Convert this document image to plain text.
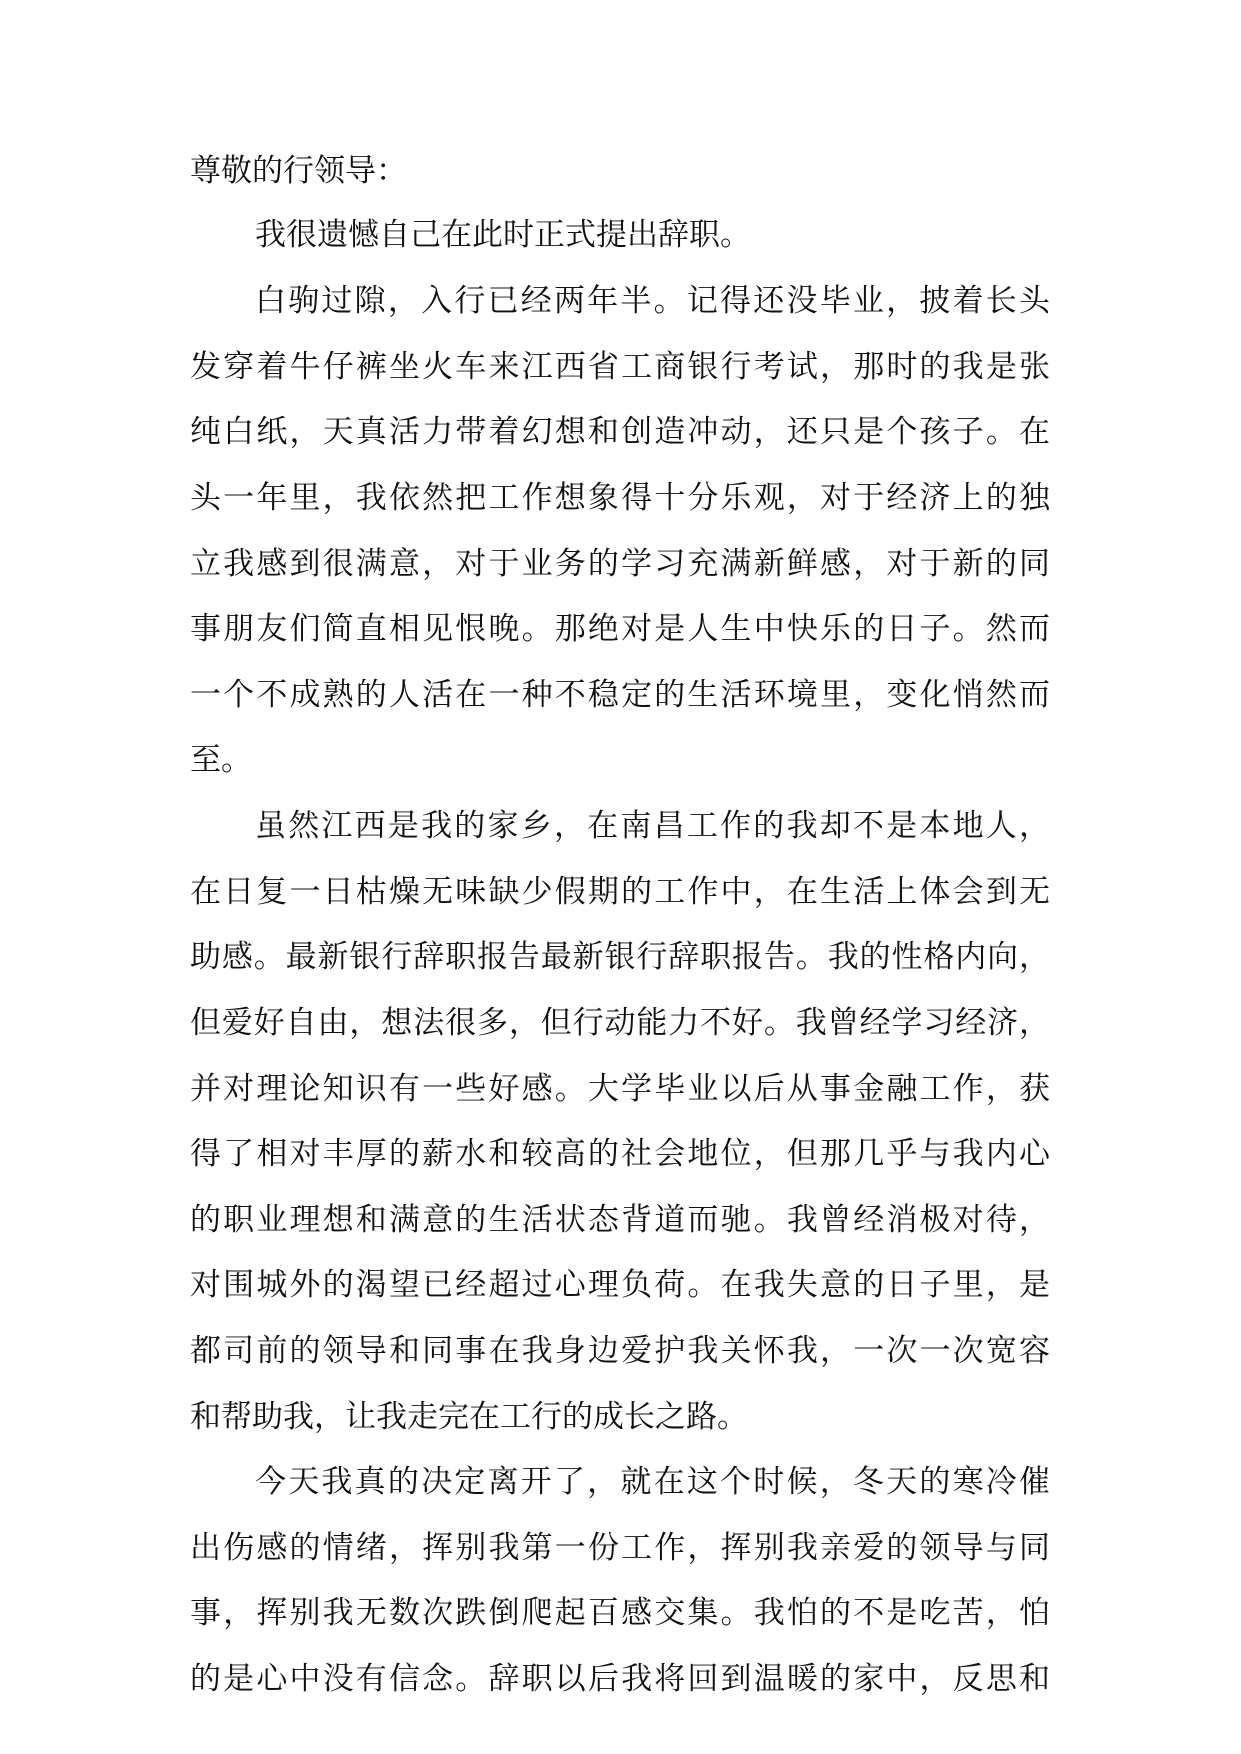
尊敬的行领导：

我很遗憾自己在此时正式提出辞职。

白驹过隙，入行已经两年半。记得还没毕业，披着长头

发穿着牛仔裤坐火车来江西省工商银行考试，那时的我是张

纯白纸，天真活力带着幻想和创造冲动，还只是个孩子。在

头一年里，我依然把工作想象得十分乐观，对于经济上的独

立我感到很满意，对于业务的学习充满新鲜感，对于新的同

事朋友们简直相见恨晚。那绝对是人生中快乐的日子。然而

一个不成熟的人活在一种不稳定的生活环境里，变化悄然而

至。

虽然江西是我的家乡，在南昌工作的我却不是本地人，

在日复一日枯燥无味缺少假期的工作中，在生活上体会到无

助感。最新银行辞职报告最新银行辞职报告。我的性格内向，

但爱好自由，想法很多，但行动能力不好。我曾经学习经济，

并对理论知识有一些好感。大学毕业以后从事金融工作，获

得了相对丰厚的薪水和较高的社会地位，但那几乎与我内心

的职业理想和满意的生活状态背道而驰。我曾经消极对待，

对围城外的渴望已经超过心理负荷。在我失意的日子里，是

都司前的领导和同事在我身边爱护我关怀我，一次一次宽容

和帮助我，让我走完在工行的成长之路。

今天我真的决定离开了，就在这个时候，冬天的寒冷催

出伤感的情绪，挥别我第一份工作，挥别我亲爱的领导与同

事，挥别我无数次跌倒爬起百感交集。我怕的不是吃苦，怕

的是心中没有信念。辞职以后我将回到温暖的家中，反思和
